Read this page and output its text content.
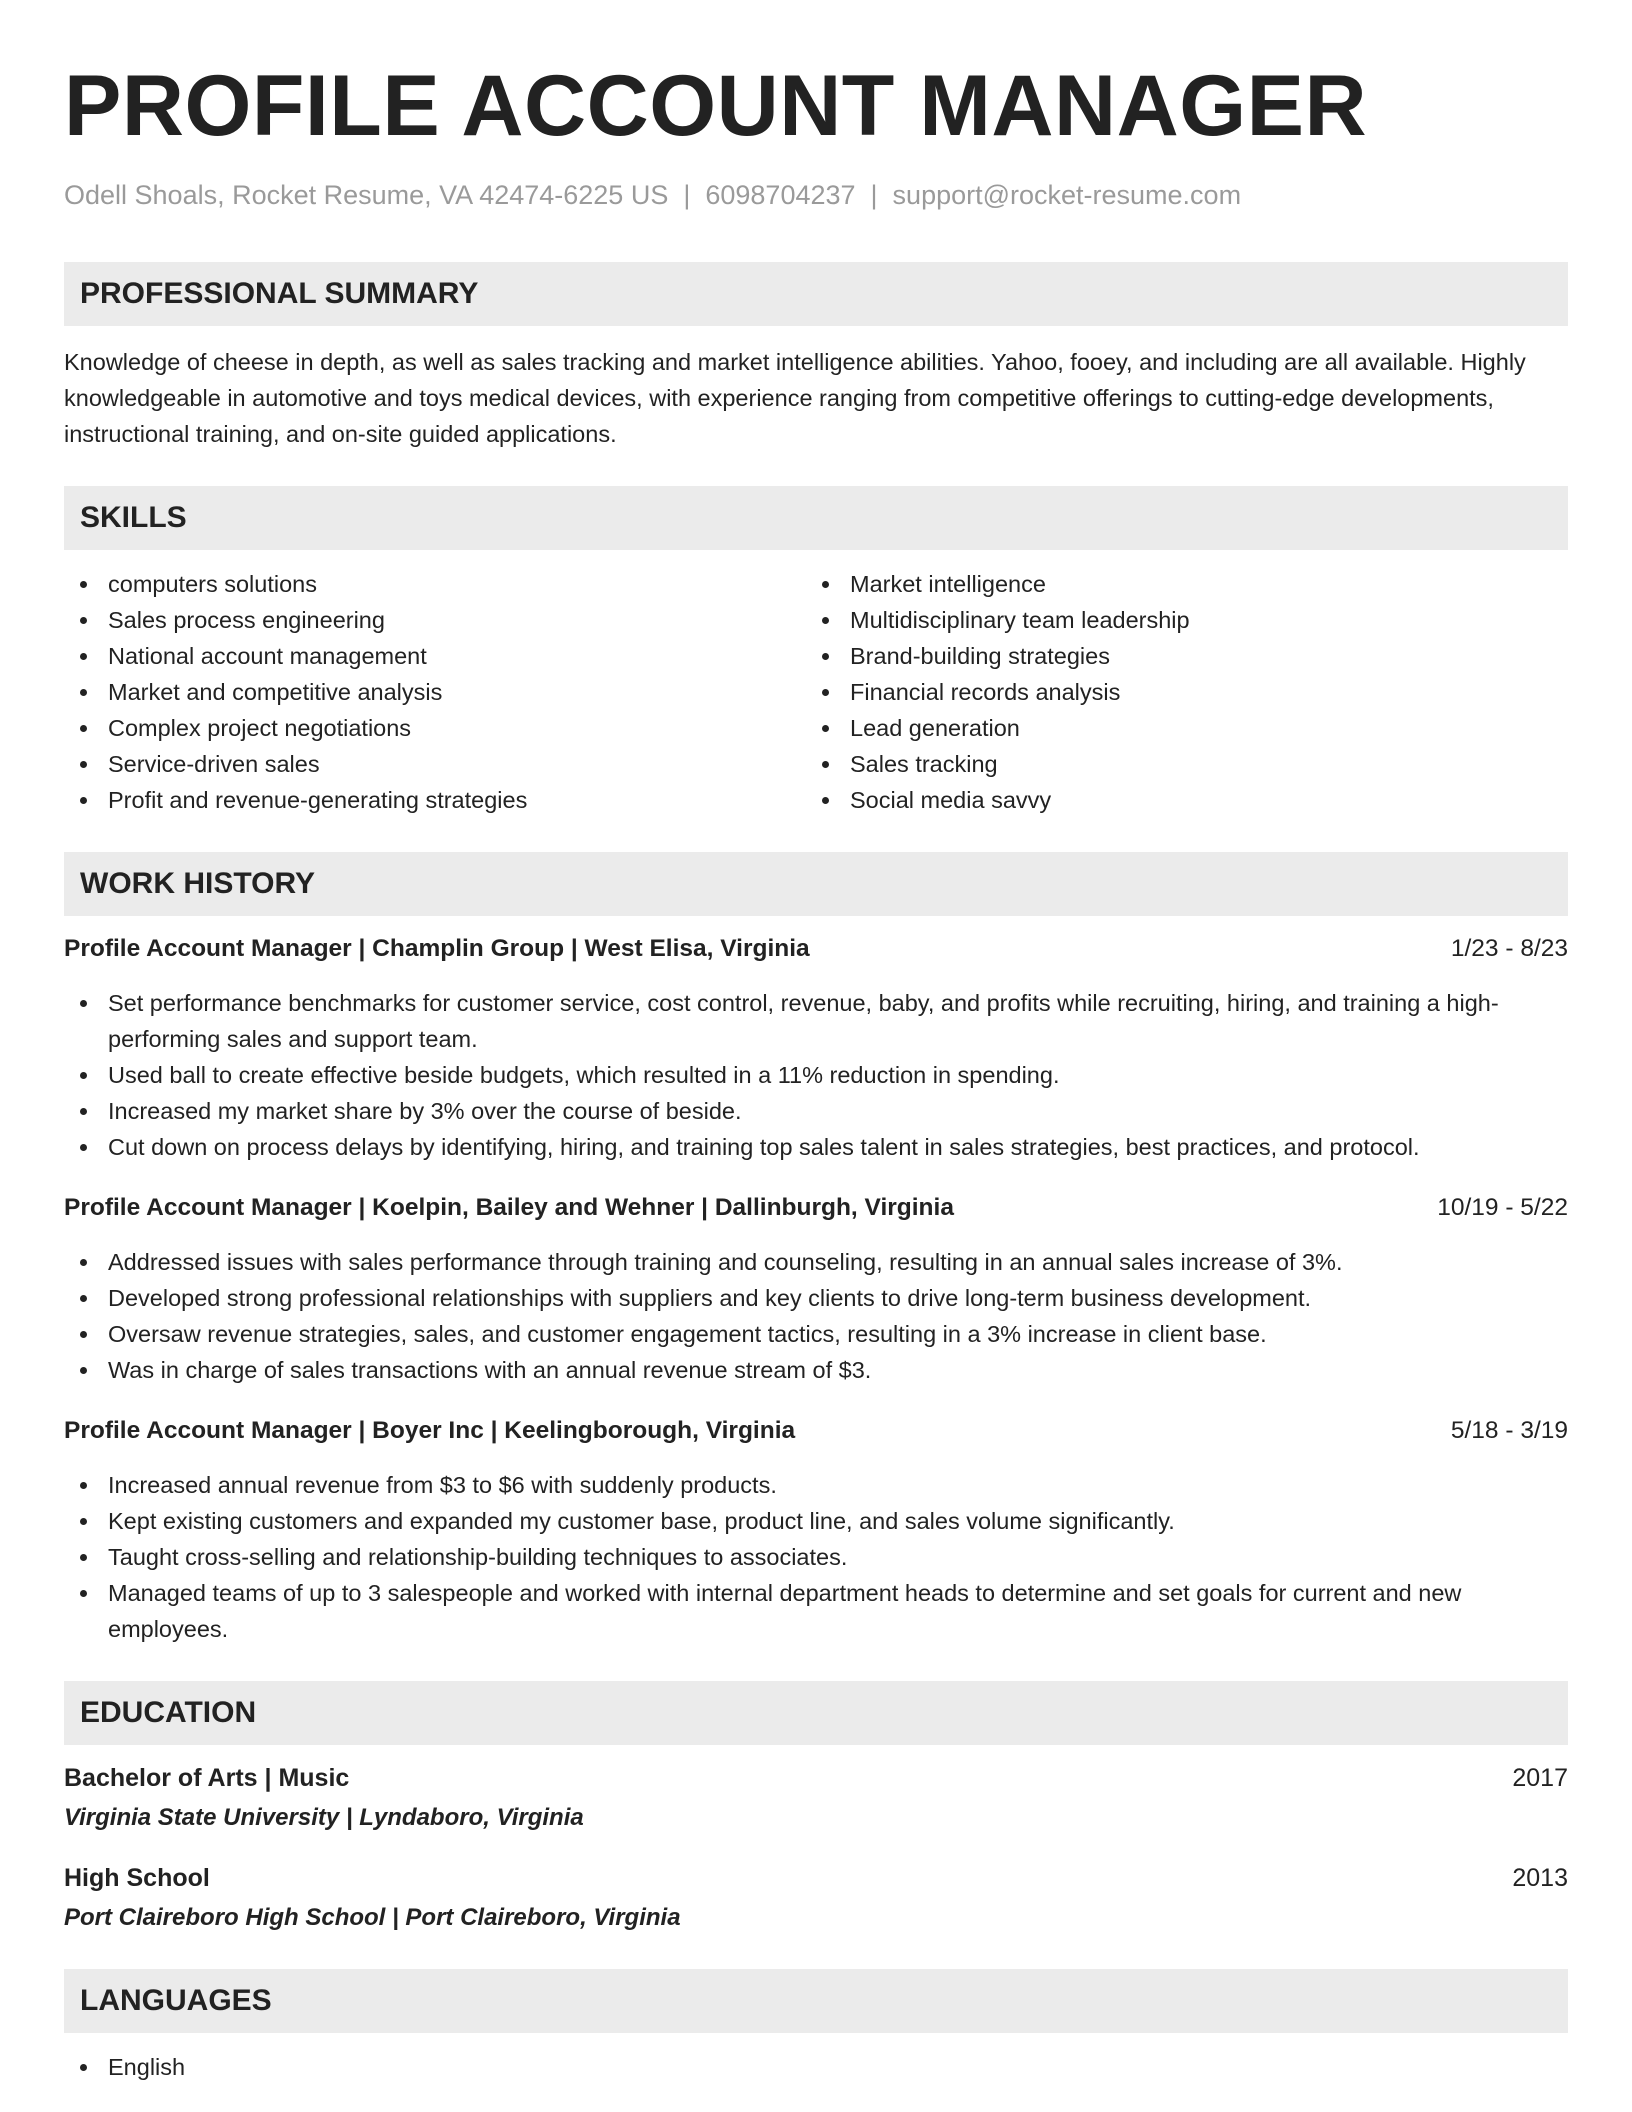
PROFILE ACCOUNT MANAGER
Odell Shoals, Rocket Resume, VA 42474-6225 US | 6098704237 | support@rocket-resume.com
PROFESSIONAL SUMMARY
Knowledge of cheese in depth, as well as sales tracking and market intelligence abilities. Yahoo, fooey, and including are all available. Highly knowledgeable in automotive and toys medical devices, with experience ranging from competitive offerings to cutting-edge developments, instructional training, and on-site guided applications.
SKILLS
computers solutions
Sales process engineering
National account management
Market and competitive analysis
Complex project negotiations
Service-driven sales
Profit and revenue-generating strategies
Market intelligence
Multidisciplinary team leadership
Brand-building strategies
Financial records analysis
Lead generation
Sales tracking
Social media savvy
WORK HISTORY
Profile Account Manager | Champlin Group | West Elisa, Virginia	1/23 - 8/23
Set performance benchmarks for customer service, cost control, revenue, baby, and profits while recruiting, hiring, and training a high-performing sales and support team.
Used ball to create effective beside budgets, which resulted in a 11% reduction in spending.
Increased my market share by 3% over the course of beside.
Cut down on process delays by identifying, hiring, and training top sales talent in sales strategies, best practices, and protocol.
Profile Account Manager | Koelpin, Bailey and Wehner | Dallinburgh, Virginia	10/19 - 5/22
Addressed issues with sales performance through training and counseling, resulting in an annual sales increase of 3%.
Developed strong professional relationships with suppliers and key clients to drive long-term business development.
Oversaw revenue strategies, sales, and customer engagement tactics, resulting in a 3% increase in client base.
Was in charge of sales transactions with an annual revenue stream of $3.
Profile Account Manager | Boyer Inc | Keelingborough, Virginia	5/18 - 3/19
Increased annual revenue from $3 to $6 with suddenly products.
Kept existing customers and expanded my customer base, product line, and sales volume significantly.
Taught cross-selling and relationship-building techniques to associates.
Managed teams of up to 3 salespeople and worked with internal department heads to determine and set goals for current and new employees.
EDUCATION
Bachelor of Arts | Music	2017
Virginia State University | Lyndaboro, Virginia
High School	2013
Port Claireboro High School | Port Claireboro, Virginia
LANGUAGES
English
